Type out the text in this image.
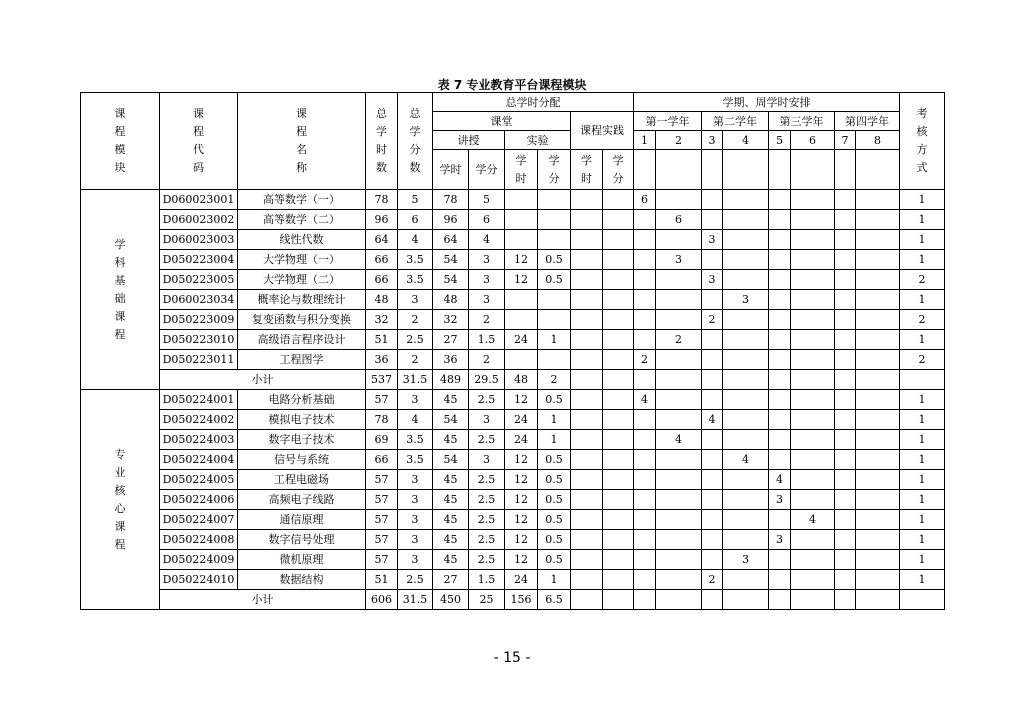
表 7 专业教育平台课程模块
课程模块	课程代码	课程名称	总学时数	总学分数	总学时分配						学期、周学时安排								考核方式	
					课堂				课程实践		第一学年		第二学年		第三学年		第四学年			
					讲授		实验				1	2	3	4	5	6	7	8		
					学时	学分	学时	学分	学时	学分										
学科基础课程	D060023001	高等数学（一）	78	5	78	5					6								1	
	D060023002	高等数学（二）	96	6	96	6						6							1	
	D060023003	线性代数	64	4	64	4							3						1	
	D050223004	大学物理（一）	66	3.5	54	3	12	0.5				3							1	
	D050223005	大学物理（二）	66	3.5	54	3	12	0.5					3						2	
	D060023034	概率论与数理统计	48	3	48	3								3					1	
	D050223009	复变函数与积分变换	32	2	32	2							2						2	
	D050223010	高级语言程序设计	51	2.5	27	1.5	24	1				2							1	
	D050223011	工程图学	36	2	36	2					2								2	
	小计		537	31.5	489	29.5	48	2												
专业核心课程	D050224001	电路分析基础	57	3	45	2.5	12	0.5			4								1	
	D050224002	模拟电子技术	78	4	54	3	24	1					4						1	
	D050224003	数字电子技术	69	3.5	45	2.5	24	1				4							1	
	D050224004	信号与系统	66	3.5	54	3	12	0.5						4					1	
	D050224005	工程电磁场	57	3	45	2.5	12	0.5							4				1	
	D050224006	高频电子线路	57	3	45	2.5	12	0.5							3				1	
	D050224007	通信原理	57	3	45	2.5	12	0.5								4			1	
	D050224008	数字信号处理	57	3	45	2.5	12	0.5							3				1	
	D050224009	微机原理	57	3	45	2.5	12	0.5						3					1	
	D050224010	数据结构	51	2.5	27	1.5	24	1					2						1	
	小计		606	31.5	450	25	156	6.5												
- 15 -
